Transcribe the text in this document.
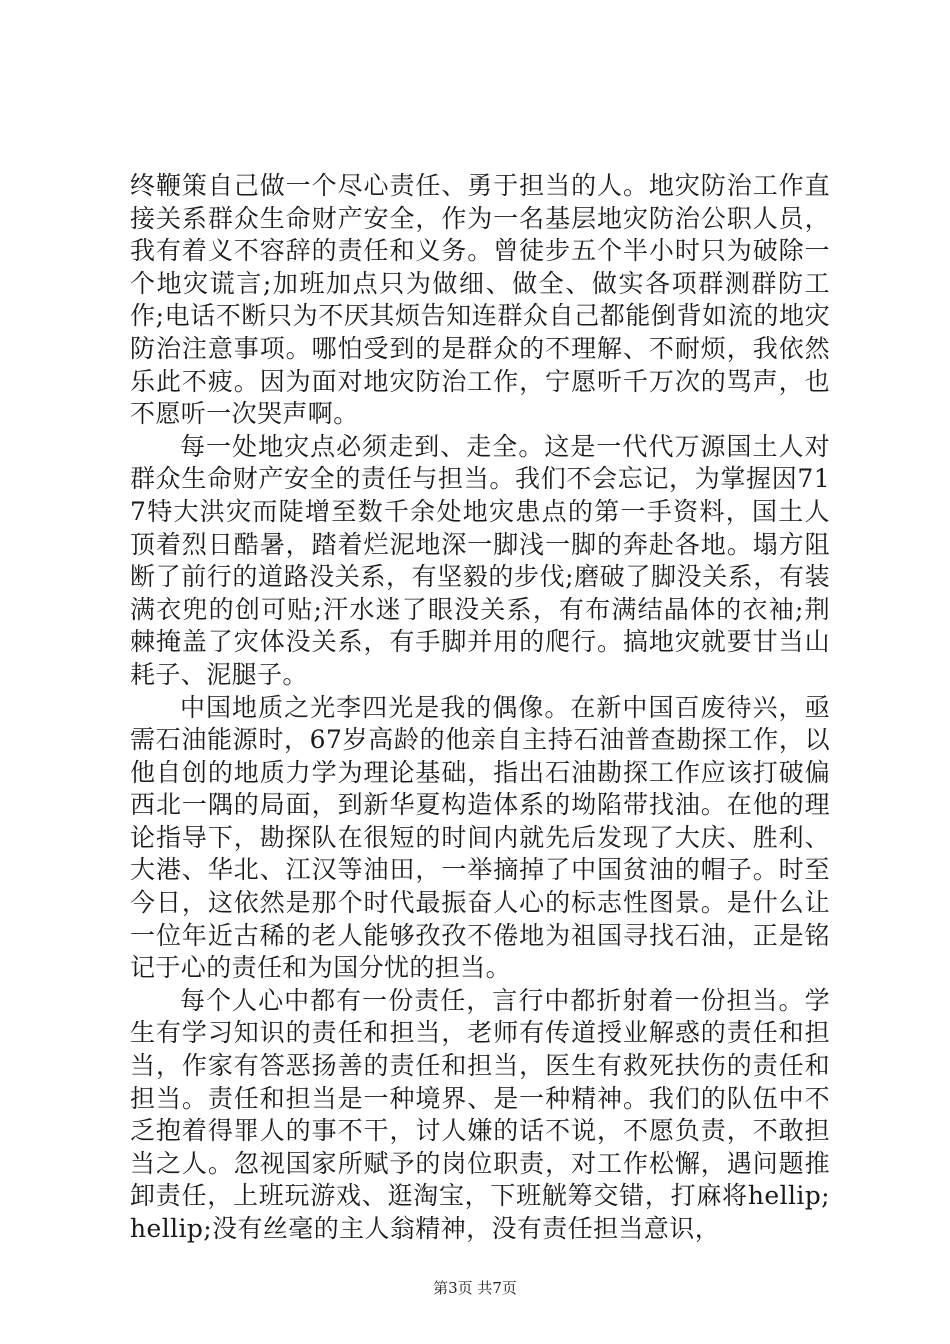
终鞭策自己做一个尽心责任、勇于担当的人。地灾防治工作直接关系群众生命财产安全，作为一名基层地灾防治公职人员，我有着义不容辞的责任和义务。曾徒步五个半小时只为破除一个地灾谎言;加班加点只为做细、做全、做实各项群测群防工作;电话不断只为不厌其烦告知连群众自己都能倒背如流的地灾防治注意事项。哪怕受到的是群众的不理解、不耐烦，我依然乐此不疲。因为面对地灾防治工作，宁愿听千万次的骂声，也不愿听一次哭声啊。

每一处地灾点必须走到、走全。这是一代代万源国土人对群众生命财产安全的责任与担当。我们不会忘记，为掌握因717特大洪灾而陡增至数千余处地灾患点的第一手资料，国土人顶着烈日酷暑，踏着烂泥地深一脚浅一脚的奔赴各地。塌方阻断了前行的道路没关系，有坚毅的步伐;磨破了脚没关系，有装满衣兜的创可贴;汗水迷了眼没关系，有布满结晶体的衣袖;荆棘掩盖了灾体没关系，有手脚并用的爬行。搞地灾就要甘当山耗子、泥腿子。

中国地质之光李四光是我的偶像。在新中国百废待兴，亟需石油能源时，67岁高龄的他亲自主持石油普查勘探工作，以他自创的地质力学为理论基础，指出石油勘探工作应该打破偏西北一隅的局面，到新华夏构造体系的坳陷带找油。在他的理论指导下，勘探队在很短的时间内就先后发现了大庆、胜利、大港、华北、江汉等油田，一举摘掉了中国贫油的帽子。时至今日，这依然是那个时代最振奋人心的标志性图景。是什么让一位年近古稀的老人能够孜孜不倦地为祖国寻找石油，正是铭记于心的责任和为国分忧的担当。

每个人心中都有一份责任，言行中都折射着一份担当。学生有学习知识的责任和担当，老师有传道授业解惑的责任和担当，作家有答恶扬善的责任和担当，医生有救死扶伤的责任和担当。责任和担当是一种境界、是一种精神。我们的队伍中不乏抱着得罪人的事不干，讨人嫌的话不说，不愿负责，不敢担当之人。忽视国家所赋予的岗位职责，对工作松懈，遇问题推卸责任，上班玩游戏、逛淘宝，下班觥筹交错，打麻将hellip;hellip;没有丝毫的主人翁精神，没有责任担当意识，

第3页 共7页
